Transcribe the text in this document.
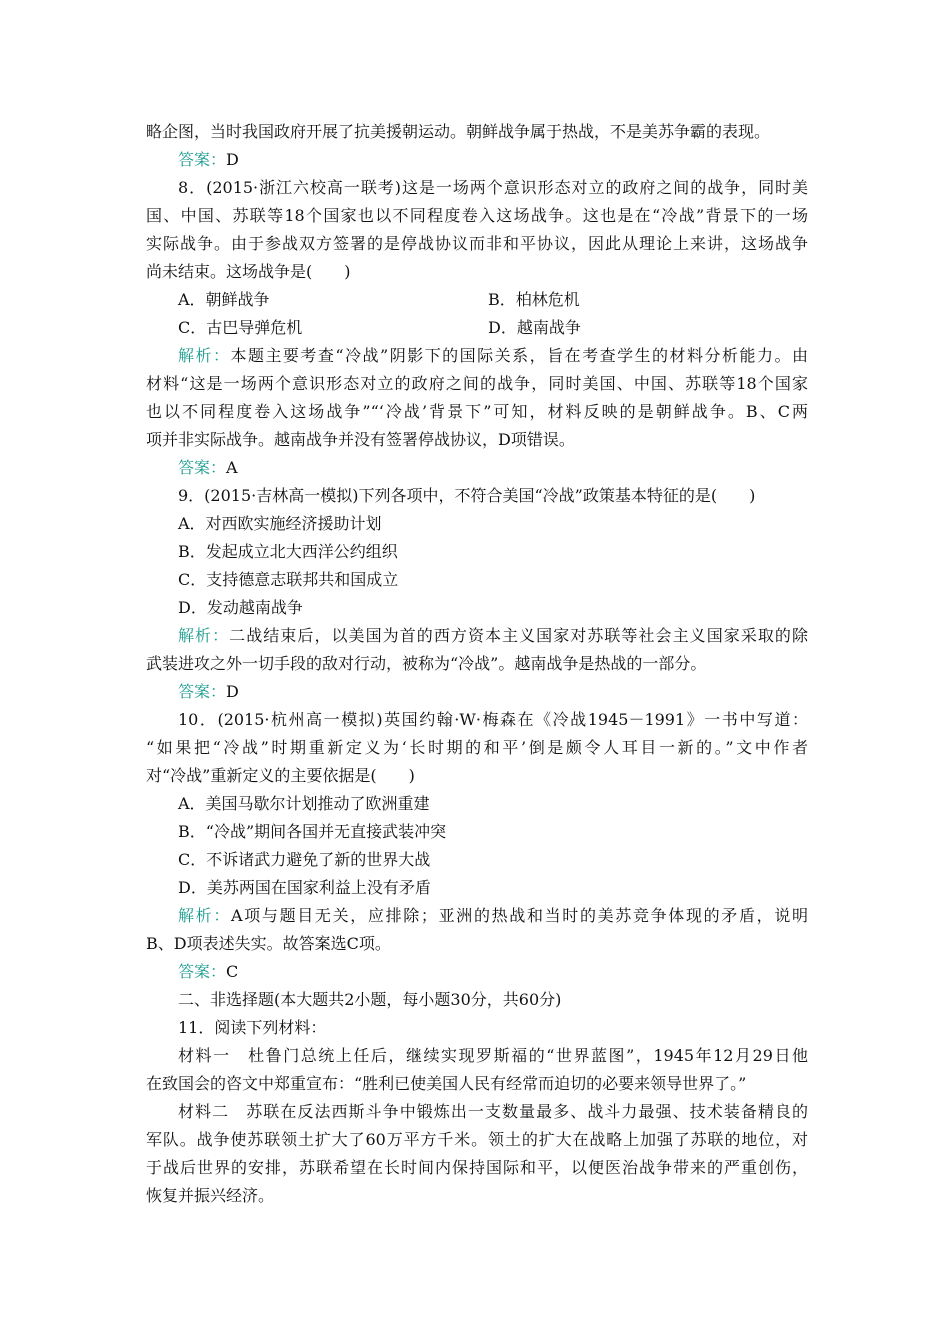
略企图，当时我国政府开展了抗美援朝运动。朝鲜战争属于热战，不是美苏争霸的表现。
答案：D
8．(2015·浙江六校高一联考)这是一场两个意识形态对立的政府之间的战争，同时美
国、中国、苏联等18个国家也以不同程度卷入这场战争。这也是在“冷战”背景下的一场
实际战争。由于参战双方签署的是停战协议而非和平协议，因此从理论上来讲，这场战争
尚未结束。这场战争是(　　)
A．朝鲜战争	B．柏林危机
C．古巴导弹危机	D．越南战争
解析：本题主要考查“冷战”阴影下的国际关系，旨在考查学生的材料分析能力。由
材料“这是一场两个意识形态对立的政府之间的战争，同时美国、中国、苏联等18个国家
也以不同程度卷入这场战争”“‘冷战’背景下”可知，材料反映的是朝鲜战争。B、C两
项并非实际战争。越南战争并没有签署停战协议，D项错误。
答案：A
9．(2015·吉林高一模拟)下列各项中，不符合美国“冷战”政策基本特征的是(　　)
A．对西欧实施经济援助计划
B．发起成立北大西洋公约组织
C．支持德意志联邦共和国成立
D．发动越南战争
解析：二战结束后，以美国为首的西方资本主义国家对苏联等社会主义国家采取的除
武装进攻之外一切手段的敌对行动，被称为“冷战”。越南战争是热战的一部分。
答案：D
10．(2015·杭州高一模拟)英国约翰·W·梅森在《冷战1945－1991》一书中写道：
“如果把“冷战”时期重新定义为‘长时期的和平’倒是颇令人耳目一新的。”文中作者
对“冷战”重新定义的主要依据是(　　)
A．美国马歇尔计划推动了欧洲重建
B．“冷战”期间各国并无直接武装冲突
C．不诉诸武力避免了新的世界大战
D．美苏两国在国家利益上没有矛盾
解析：A项与题目无关，应排除；亚洲的热战和当时的美苏竞争体现的矛盾，说明
B、D项表述失实。故答案选C项。
答案：C
二、非选择题(本大题共2小题，每小题30分，共60分)
11．阅读下列材料：
材料一　杜鲁门总统上任后，继续实现罗斯福的“世界蓝图”，1945年12月29日他
在致国会的咨文中郑重宣布：“胜利已使美国人民有经常而迫切的必要来领导世界了。”
材料二　苏联在反法西斯斗争中锻炼出一支数量最多、战斗力最强、技术装备精良的
军队。战争使苏联领土扩大了60万平方千米。领土的扩大在战略上加强了苏联的地位，对
于战后世界的安排，苏联希望在长时间内保持国际和平，以便医治战争带来的严重创伤，
恢复并振兴经济。
